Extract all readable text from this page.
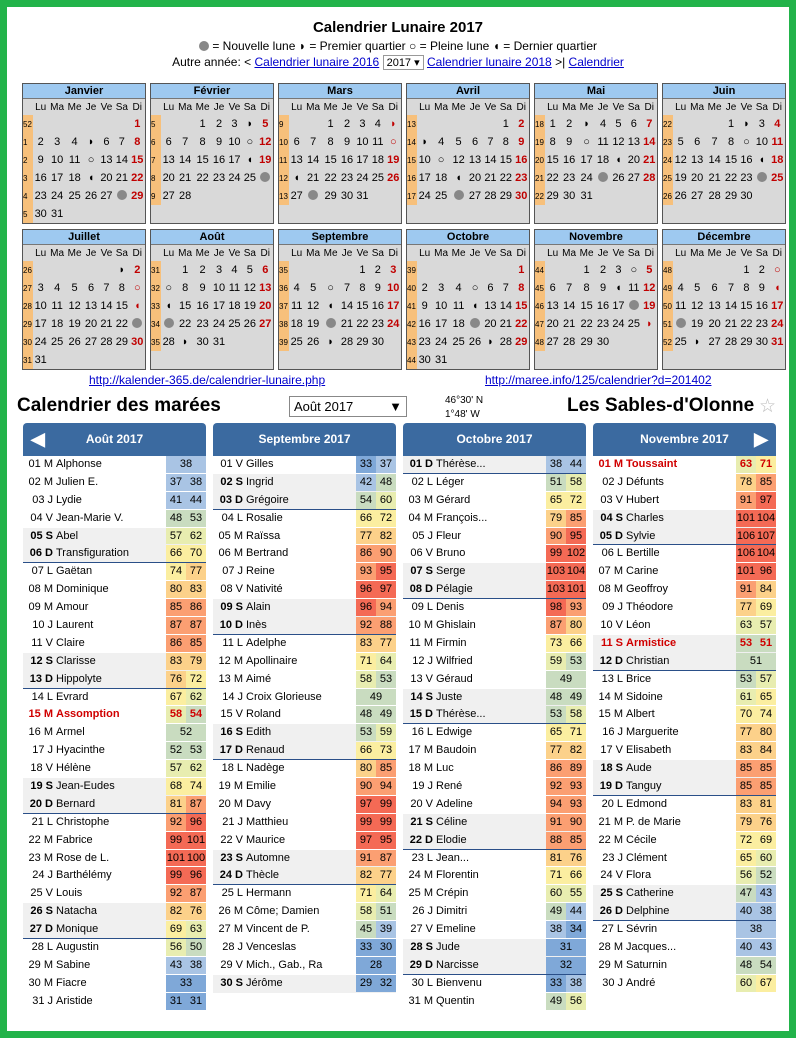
Calendrier Lunaire 2017
= Nouvelle lune ◗ = Premier quartier ○ = Pleine lune ◖ = Dernier quartier
Autre année: < Calendrier lunaire 2016 2017 ▾ Calendrier lunaire 2018 >| Calendrier
Janvier
	Lu	Ma	Me	Je	Ve	Sa	Di
52							1
1	2	3	4	◗	6	7	8
2	9	10	11	○	13	14	15
3	16	17	18	◖	20	21	22
4	23	24	25	26	27		29
5	30	31					
Février
	Lu	Ma	Me	Je	Ve	Sa	Di
5			1	2	3	◗	5
6	6	7	8	9	10	○	12
7	13	14	15	16	17	◖	19
8	20	21	22	23	24	25	
9	27	28					
Mars
	Lu	Ma	Me	Je	Ve	Sa	Di
9			1	2	3	4	◗
10	6	7	8	9	10	11	○
11	13	14	15	16	17	18	19
12	◖	21	22	23	24	25	26
13	27		29	30	31		
Avril
	Lu	Ma	Me	Je	Ve	Sa	Di
13						1	2
14	◗	4	5	6	7	8	9
15	10	○	12	13	14	15	16
16	17	18	◖	20	21	22	23
17	24	25		27	28	29	30
Mai
	Lu	Ma	Me	Je	Ve	Sa	Di
18	1	2	◗	4	5	6	7
19	8	9	○	11	12	13	14
20	15	16	17	18	◖	20	21
21	22	23	24		26	27	28
22	29	30	31				
Juin
	Lu	Ma	Me	Je	Ve	Sa	Di
22				1	◗	3	4
23	5	6	7	8	○	10	11
24	12	13	14	15	16	◖	18
25	19	20	21	22	23		25
26	26	27	28	29	30		
Juillet
	Lu	Ma	Me	Je	Ve	Sa	Di
26						◗	2
27	3	4	5	6	7	8	○
28	10	11	12	13	14	15	◖
29	17	18	19	20	21	22	
30	24	25	26	27	28	29	30
31	31						
Août
	Lu	Ma	Me	Je	Ve	Sa	Di
31		1	2	3	4	5	6
32	○	8	9	10	11	12	13
33	◖	15	16	17	18	19	20
34		22	23	24	25	26	27
35	28	◗	30	31			
Septembre
	Lu	Ma	Me	Je	Ve	Sa	Di
35					1	2	3
36	4	5	○	7	8	9	10
37	11	12	◖	14	15	16	17
38	18	19		21	22	23	24
39	25	26	◗	28	29	30	
Octobre
	Lu	Ma	Me	Je	Ve	Sa	Di
39							1
40	2	3	4	○	6	7	8
41	9	10	11	◖	13	14	15
42	16	17	18		20	21	22
43	23	24	25	26	◗	28	29
44	30	31					
Novembre
	Lu	Ma	Me	Je	Ve	Sa	Di
44			1	2	3	○	5
45	6	7	8	9	◖	11	12
46	13	14	15	16	17		19
47	20	21	22	23	24	25	◗
48	27	28	29	30			
Décembre
	Lu	Ma	Me	Je	Ve	Sa	Di
48					1	2	○
49	4	5	6	7	8	9	◖
50	11	12	13	14	15	16	17
51		19	20	21	22	23	24
52	25	◗	27	28	29	30	31
http://kalender-365.de/calendrier-lunaire.php	http://maree.info/125/calendrier?d=201402
Calendrier des marées	Août 2017	▼	46°30' N
1°48' W	Les Sables-d'Olonne ☆
Août 2017
◀
01 M Alphonse	38
02 M Julien E.	37 38
03 J Lydie	41 44
04 V Jean-Marie V.	48 53
05 S Abel	57 62
06 D Transfiguration	66 70
07 L Gaëtan	74 77
08 M Dominique	80 83
09 M Amour	85 86
10 J Laurent	87 87
11 V Claire	86 85
12 S Clarisse	83 79
13 D Hippolyte	76 72
14 L Evrard	67 62
15 M Assomption	58 54
16 M Armel	52
17 J Hyacinthe	52 53
18 V Hélène	57 62
19 S Jean-Eudes	68 74
20 D Bernard	81 87
21 L Christophe	92 96
22 M Fabrice	99 101
23 M Rose de L.	101 100
24 J Barthélémy	99 96
25 V Louis	92 87
26 S Natacha	82 76
27 D Monique	69 63
28 L Augustin	56 50
29 M Sabine	43 38
30 M Fiacre	33
31 J Aristide	31 31
Septembre 2017
01 V Gilles	33 37
02 S Ingrid	42 48
03 D Grégoire	54 60
04 L Rosalie	66 72
05 M Raïssa	77 82
06 M Bertrand	86 90
07 J Reine	93 95
08 V Nativité	96 97
09 S Alain	96 94
10 D Inès	92 88
11 L Adelphe	83 77
12 M Apollinaire	71 64
13 M Aimé	58 53
14 J Croix Glorieuse	49
15 V Roland	48 49
16 S Edith	53 59
17 D Renaud	66 73
18 L Nadège	80 85
19 M Emilie	90 94
20 M Davy	97 99
21 J Matthieu	99 99
22 V Maurice	97 95
23 S Automne	91 87
24 D Thècle	82 77
25 L Hermann	71 64
26 M Côme; Damien	58 51
27 M Vincent de P.	45 39
28 J Venceslas	33 30
29 V Mich., Gab., Ra	28
30 S Jérôme	29 32
Octobre 2017
01 D Thérèse...	38 44
02 L Léger	51 58
03 M Gérard	65 72
04 M François...	79 85
05 J Fleur	90 95
06 V Bruno	99 102
07 S Serge	103 104
08 D Pélagie	103 101
09 L Denis	98 93
10 M Ghislain	87 80
11 M Firmin	73 66
12 J Wilfried	59 53
13 V Géraud	49
14 S Juste	48 49
15 D Thérèse...	53 58
16 L Edwige	65 71
17 M Baudoin	77 82
18 M Luc	86 89
19 J René	92 93
20 V Adeline	94 93
21 S Céline	91 90
22 D Elodie	88 85
23 L Jean...	81 76
24 M Florentin	71 66
25 M Crépin	60 55
26 J Dimitri	49 44
27 V Emeline	38 34
28 S Jude	31
29 D Narcisse	32
30 L Bienvenu	33 38
31 M Quentin	49 56
Novembre 2017 ▶
01 M Toussaint	63 71
02 J Défunts	78 85
03 V Hubert	91 97
04 S Charles	101 104
05 D Sylvie	106 107
06 L Bertille	106 104
07 M Carine	101 96
08 M Geoffroy	91 84
09 J Théodore	77 69
10 V Léon	63 57
11 S Armistice	53 51
12 D Christian	51
13 L Brice	53 57
14 M Sidoine	61 65
15 M Albert	70 74
16 J Marguerite	77 80
17 V Elisabeth	83 84
18 S Aude	85 85
19 D Tanguy	85 85
20 L Edmond	83 81
21 M P. de Marie	79 76
22 M Cécile	72 69
23 J Clément	65 60
24 V Flora	56 52
25 S Catherine	47 43
26 D Delphine	40 38
27 L Sévrin	38
28 M Jacques...	40 43
29 M Saturnin	48 54
30 J André	60 67
